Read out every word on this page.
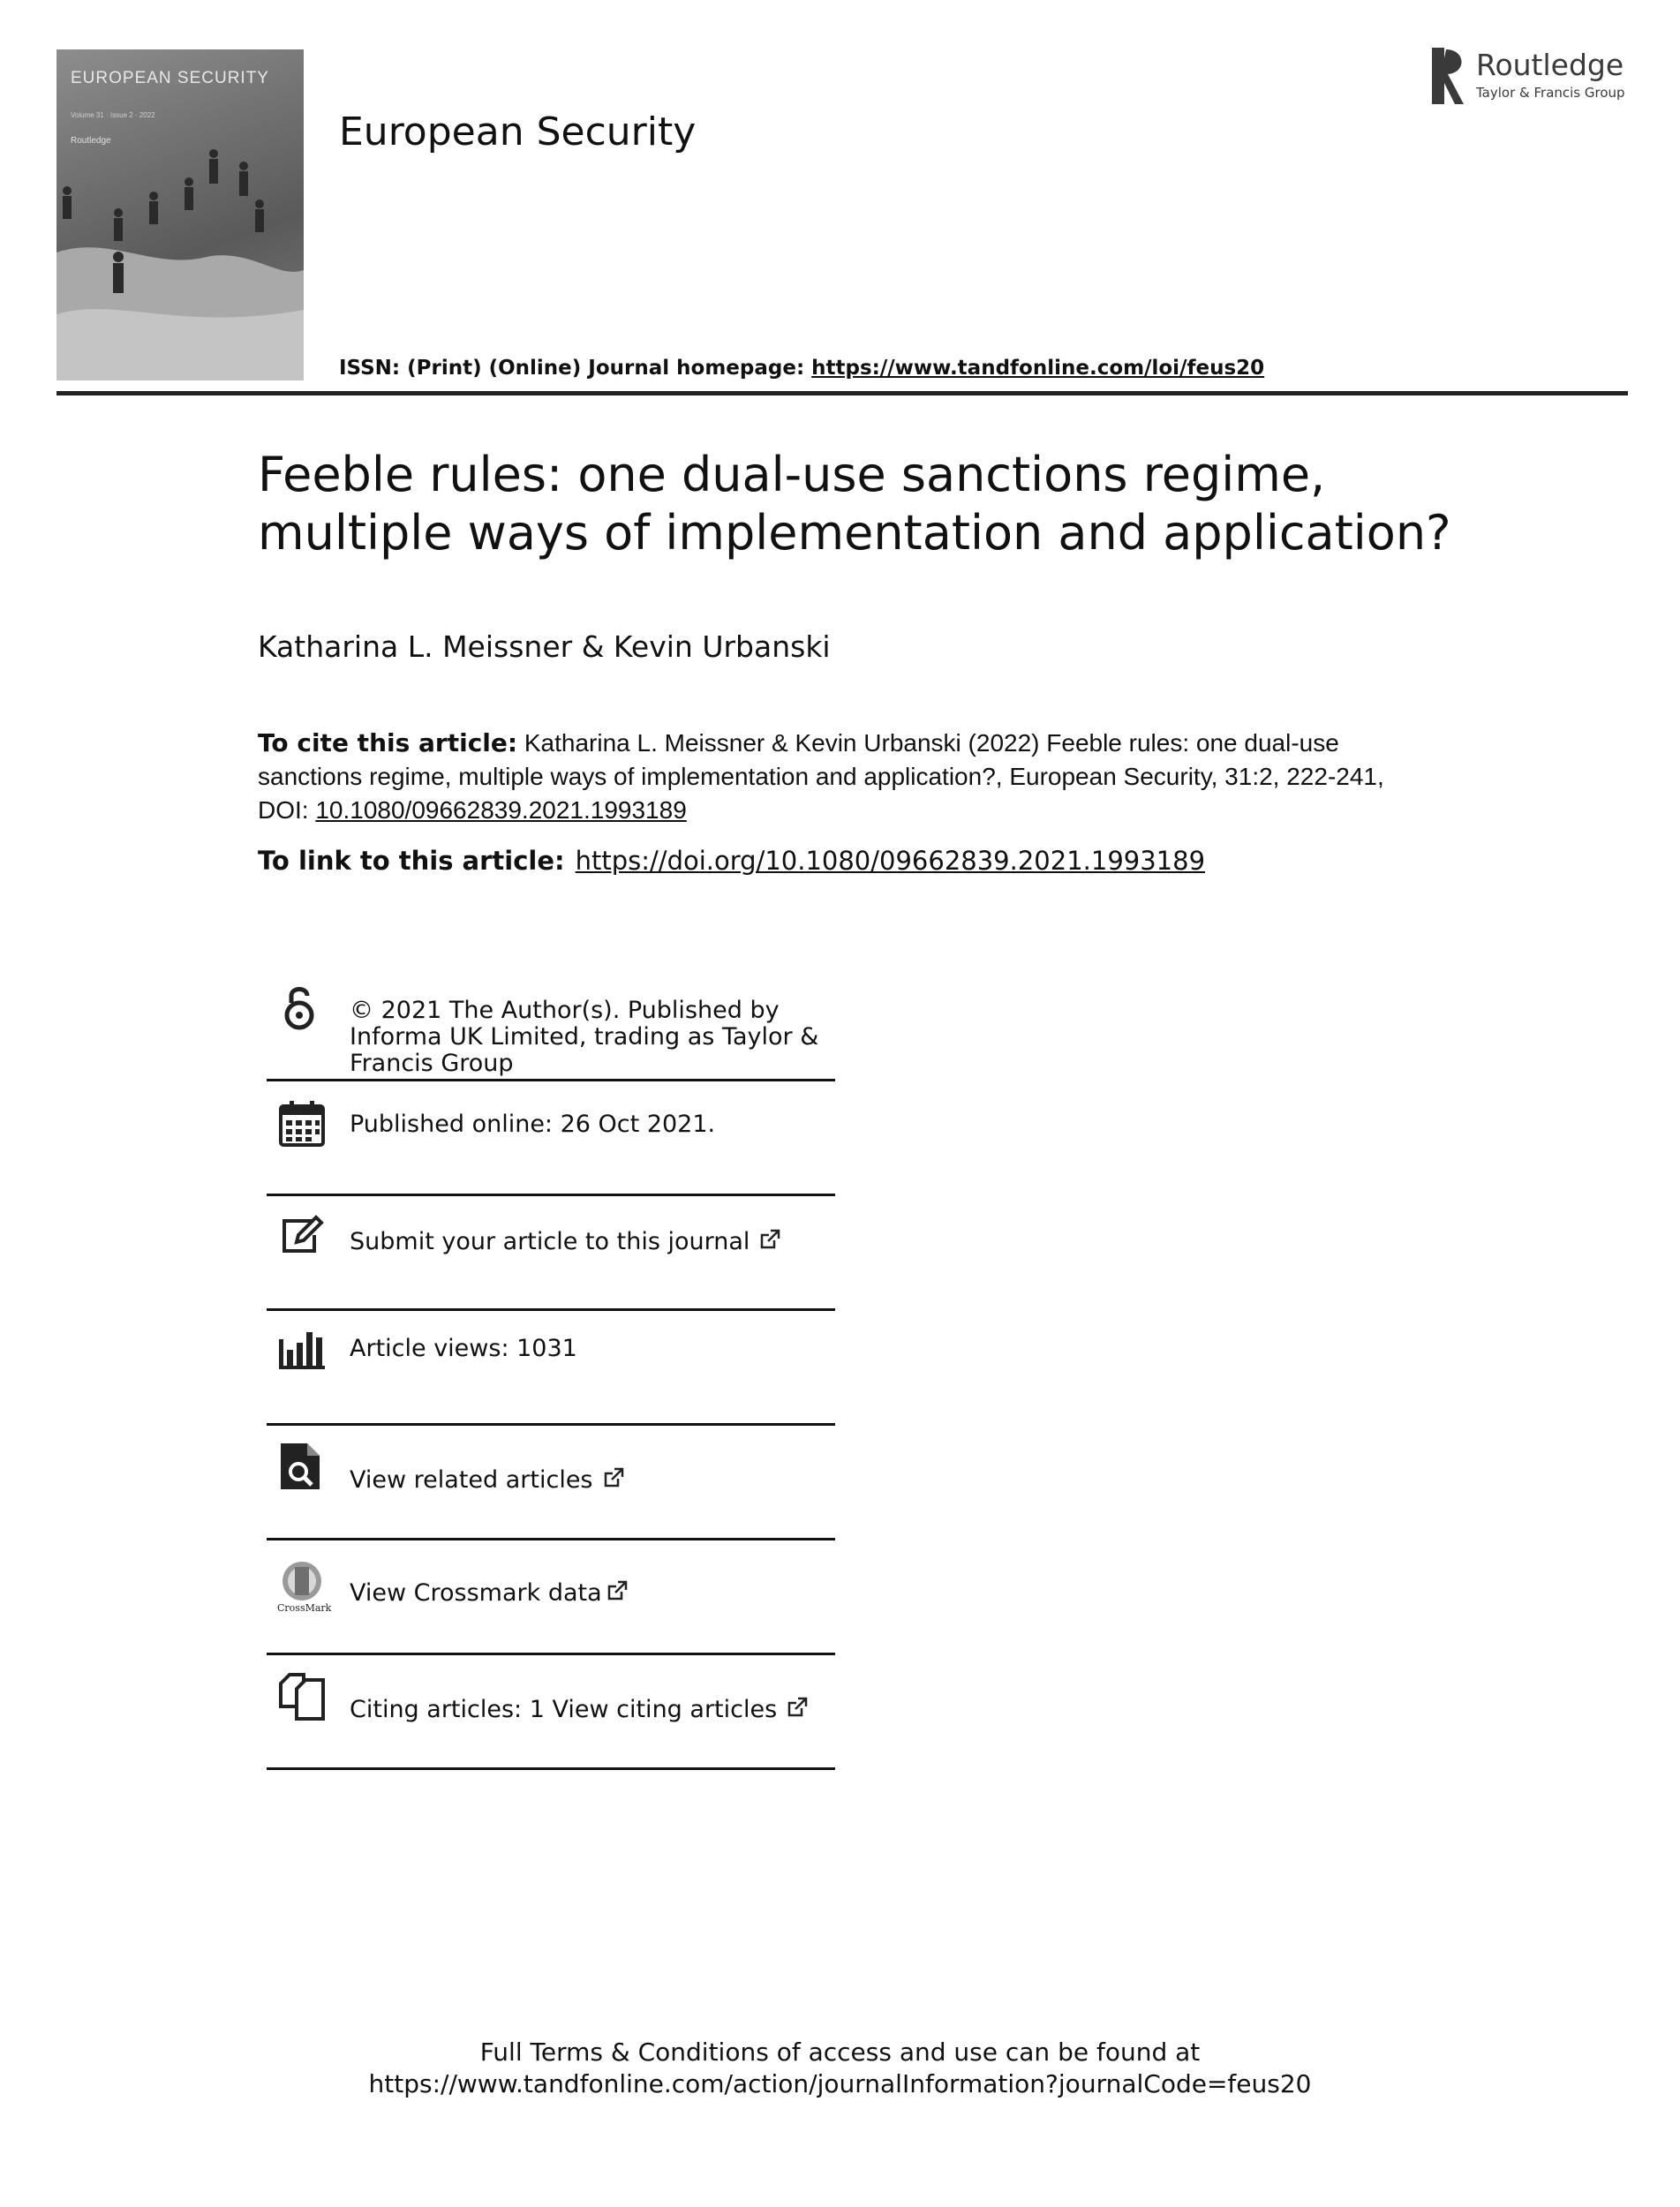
EUROPEAN SECURITY
Volume 31 · Issue 2 · 2022
Routledge	European Security
ISSN: (Print) (Online) Journal homepage: https://www.tandfonline.com/loi/feus20
Routledge
Taylor & Francis Group
Feeble rules: one dual-use sanctions regime, multiple ways of implementation and application?
Katharina L. Meissner & Kevin Urbanski
To cite this article: Katharina L. Meissner & Kevin Urbanski (2022) Feeble rules: one dual-use sanctions regime, multiple ways of implementation and application?, European Security, 31:2, 222-241, DOI: 10.1080/09662839.2021.1993189
To link to this article: https://doi.org/10.1080/09662839.2021.1993189
© 2021 The Author(s). Published by Informa UK Limited, trading as Taylor & Francis Group
Published online: 26 Oct 2021.
Submit your article to this journal
Article views: 1031
View related articles
CrossMark
View Crossmark data
Citing articles: 1 View citing articles
Full Terms & Conditions of access and use can be found at
https://www.tandfonline.com/action/journalInformation?journalCode=feus20
